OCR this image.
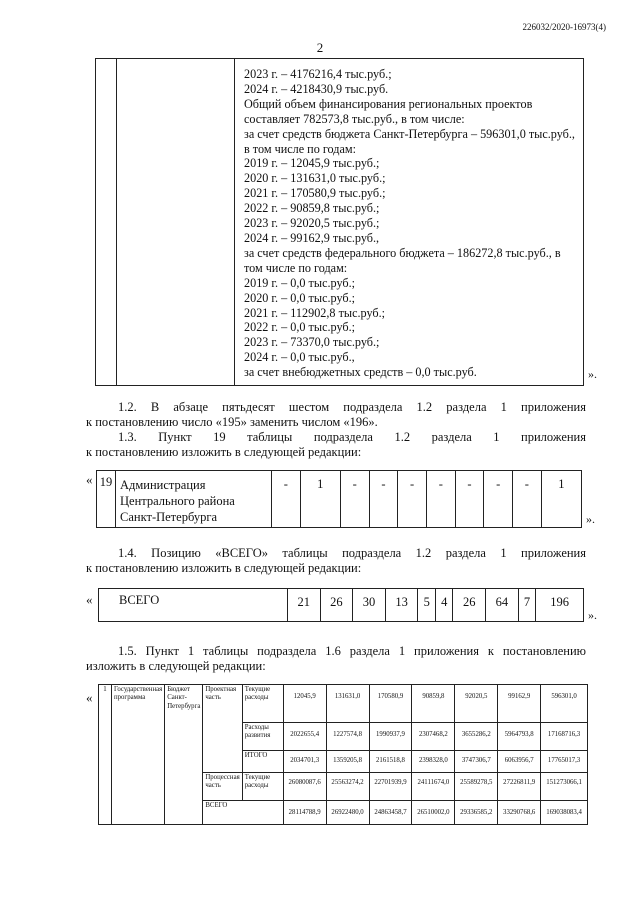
226032/2020-16973(4)
2
2023 г. – 4176216,4 тыс.руб.;
2024 г. – 4218430,9 тыс.руб.
Общий объем финансирования региональных проектов составляет 782573,8 тыс.руб., в том числе:
за счет средств бюджета Санкт-Петербурга – 596301,0 тыс.руб., в том числе по годам:
2019 г. – 12045,9 тыс.руб.;
2020 г. – 131631,0 тыс.руб.;
2021 г. – 170580,9 тыс.руб.;
2022 г. – 90859,8 тыс.руб.;
2023 г. – 92020,5 тыс.руб.;
2024 г. – 99162,9 тыс.руб.,
за счет средств федерального бюджета – 186272,8 тыс.руб., в том числе по годам:
2019 г. – 0,0 тыс.руб.;
2020 г. – 0,0 тыс.руб.;
2021 г. – 112902,8 тыс.руб.;
2022 г. – 0,0 тыс.руб.;
2023 г. – 73370,0 тыс.руб.;
2024 г. – 0,0 тыс.руб.,
за счет внебюджетных средств – 0,0 тыс.руб.	».
1.2. В абзаце пятьдесят шестом подраздела 1.2 раздела 1 приложения
к постановлению число «195» заменить числом «196».
1.3. Пункт 19 таблицы подраздела 1.2 раздела 1 приложения
к постановлению изложить в следующей редакции:
« 19	Администрация Центрального района Санкт-Петербурга	-	1	-	-	-	-	-	-	-	1
».
1.4. Позицию «ВСЕГО» таблицы подраздела 1.2 раздела 1 приложения
к постановлению изложить в следующей редакции:
« ВСЕГО	21	26	30	13	5	4	26	64	7	196
».
1.5. Пункт 1 таблицы подраздела 1.6 раздела 1 приложения к постановлению
изложить в следующей редакции:
«
1	Государственная программа	Бюджет Санкт-Петербурга	Проектная часть	Текущие расходы	12045,9	131631,0	170580,9	90859,8	92020,5	99162,9	596301,0
				Расходы развития	2022655,4	1227574,8	1990937,9	2307468,2	3655286,2	5964793,8	17168716,3
				ИТОГО	2034701,3	1359205,8	2161518,8	2398328,0	3747306,7	6063956,7	17765017,3
			Процессная часть	Текущие расходы	26080087,6	25563274,2	22701939,9	24111674,0	25589278,5	27226811,9	151273066,1
			ВСЕГО		28114788,9	26922480,0	24863458,7	26510002,0	29336585,2	33290768,6	169038083,4
